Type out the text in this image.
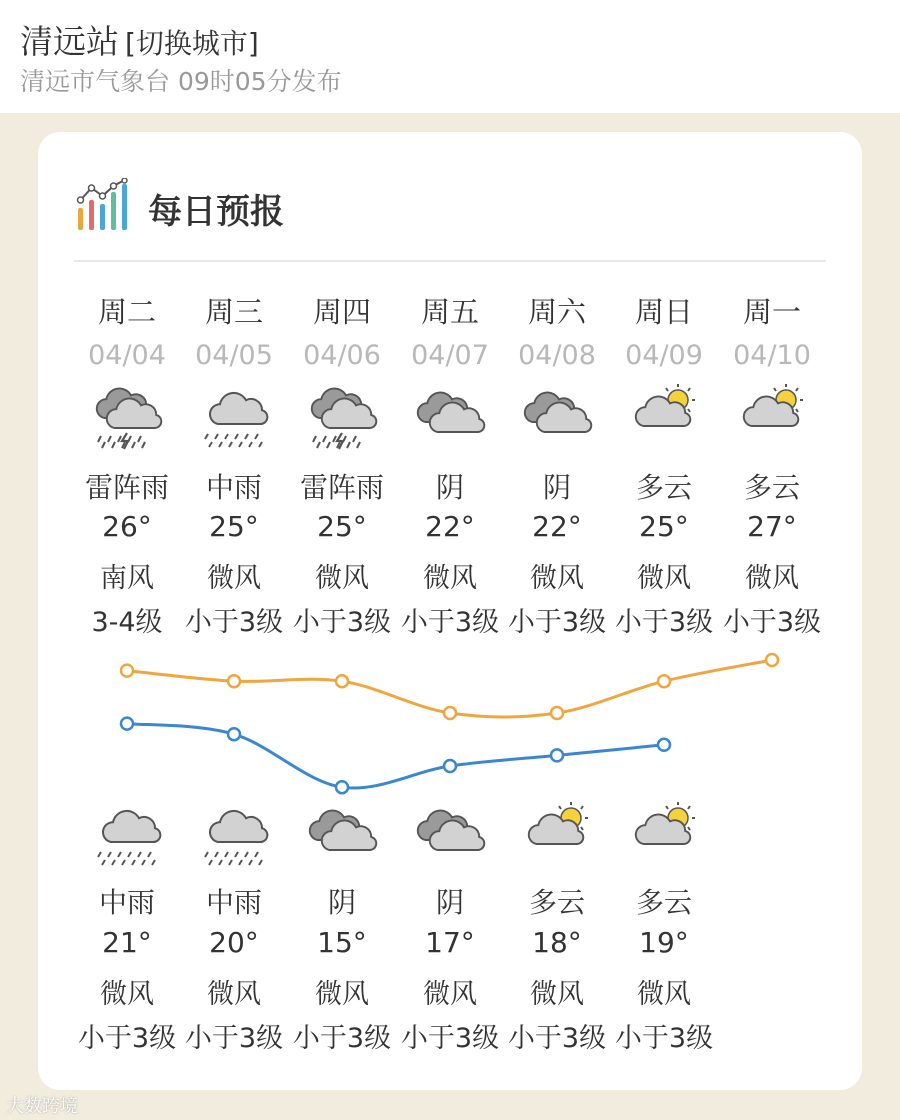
清远站 [切换城市]
清远市气象台 09时05分发布
每日预报
周二
04/04
雷阵雨
26°
南风
3-4级
中雨
21°
微风
小于3级
周三
04/05
中雨
25°
微风
小于3级
中雨
20°
微风
小于3级
周四
04/06
雷阵雨
25°
微风
小于3级
阴
15°
微风
小于3级
周五
04/07
阴
22°
微风
小于3级
阴
17°
微风
小于3级
周六
04/08
阴
22°
微风
小于3级
多云
18°
微风
小于3级
周日
04/09
多云
25°
微风
小于3级
多云
19°
微风
小于3级
周一
04/10
多云
27°
微风
小于3级
大数跨境
